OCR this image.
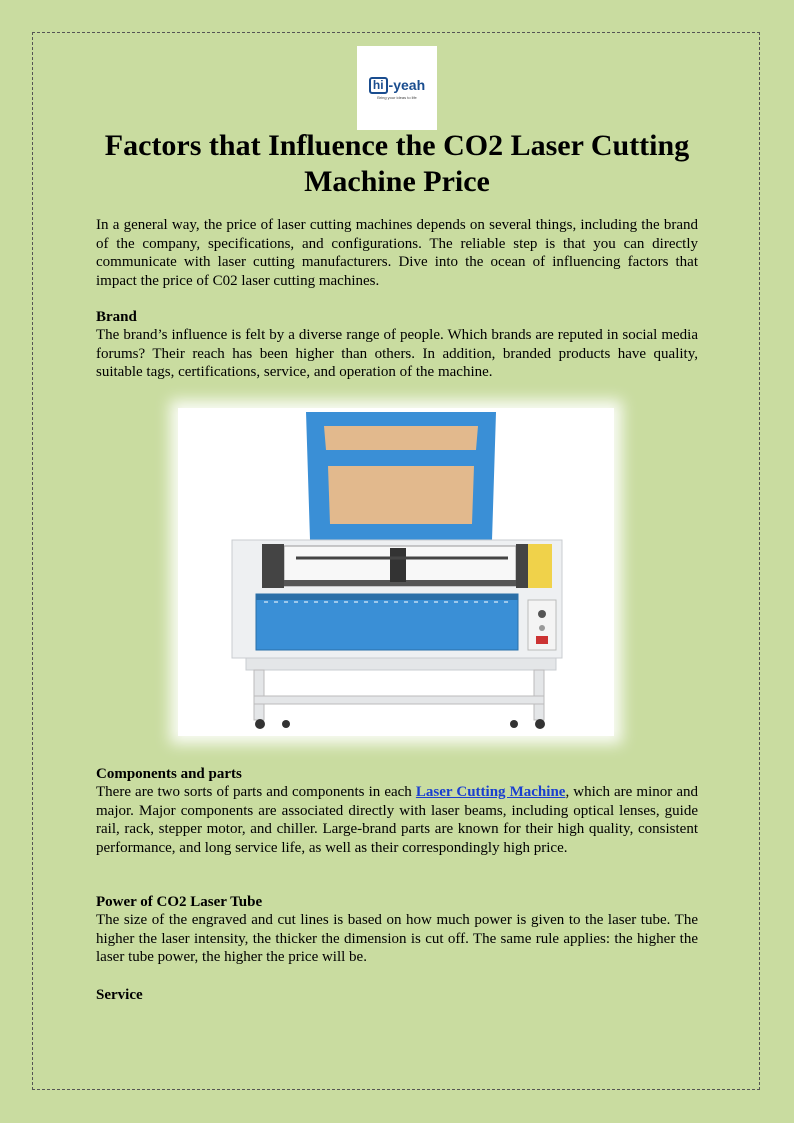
hi -yeah
Bring your ideas to life
Factors that Influence the CO2 Laser Cutting Machine Price

In a general way, the price of laser cutting machines depends on several things, including the brand of the company, specifications, and configurations. The reliable step is that you can directly communicate with laser cutting manufacturers. Dive into the ocean of influencing factors that impact the price of C02 laser cutting machines.

Brand

The brand’s influence is felt by a diverse range of people. Which brands are reputed in social media forums? Their reach has been higher than others. In addition, branded products have quality, suitable tags, certifications, service, and operation of the machine.

Components and parts

There are two sorts of parts and components in each Laser Cutting Machine, which are minor and major. Major components are associated directly with laser beams, including optical lenses, guide rail, rack, stepper motor, and chiller. Large-brand parts are known for their high quality, consistent performance, and long service life, as well as their correspondingly high price.

Power of CO2 Laser Tube

The size of the engraved and cut lines is based on how much power is given to the laser tube. The higher the laser intensity, the thicker the dimension is cut off. The same rule applies: the higher the laser tube power, the higher the price will be.

Service
